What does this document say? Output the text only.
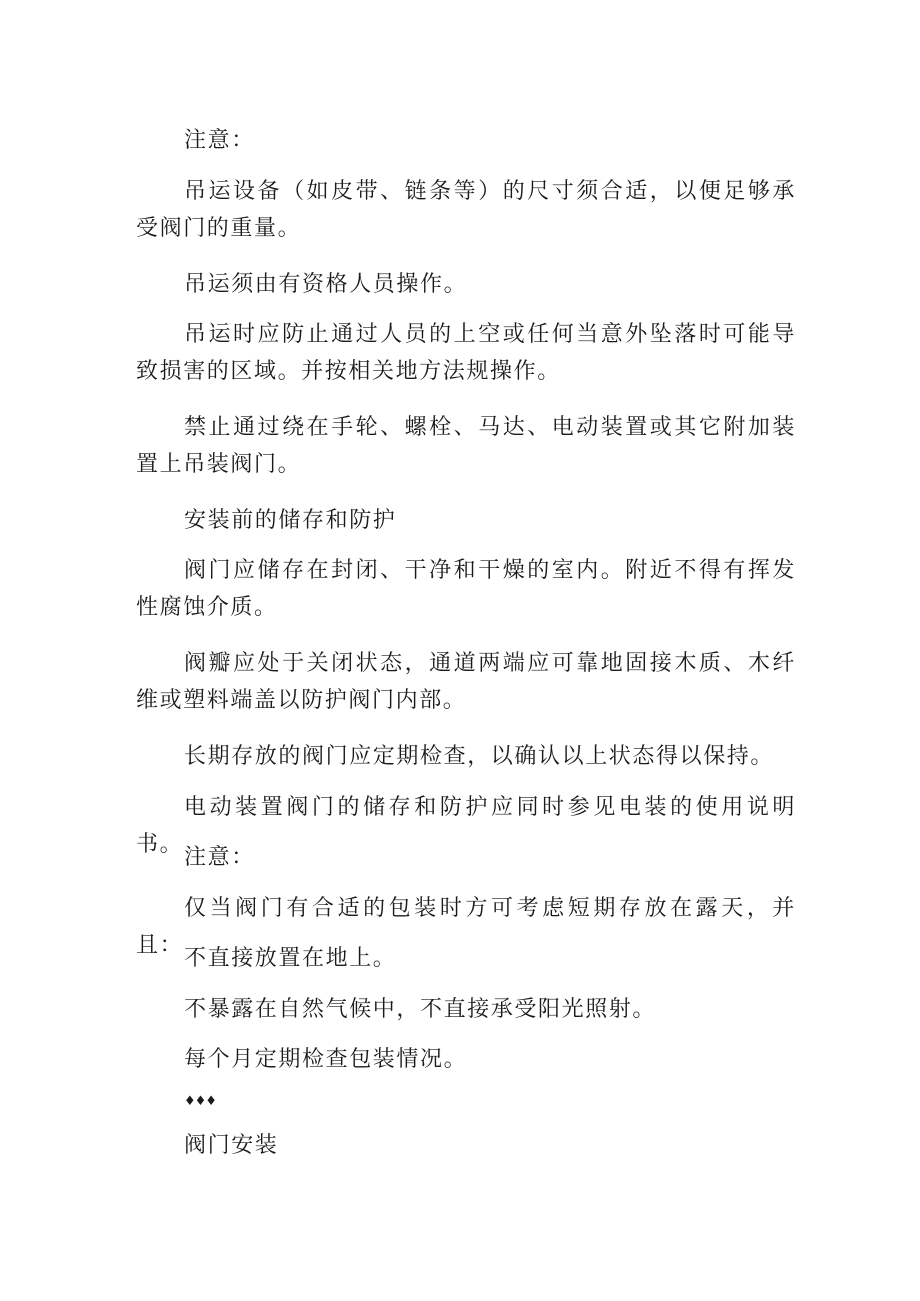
注意：

吊运设备（如皮带、链条等）的尺寸须合适，以便足够承受阀门的重量。

吊运须由有资格人员操作。

吊运时应防止通过人员的上空或任何当意外坠落时可能导致损害的区域。并按相关地方法规操作。

禁止通过绕在手轮、螺栓、马达、电动装置或其它附加装置上吊装阀门。

安装前的储存和防护

阀门应储存在封闭、干净和干燥的室内。附近不得有挥发性腐蚀介质。

阀瓣应处于关闭状态，通道两端应可靠地固接木质、木纤维或塑料端盖以防护阀门内部。

长期存放的阀门应定期检查，以确认以上状态得以保持。

电动装置阀门的储存和防护应同时参见电装的使用说明书。

注意：

仅当阀门有合适的包装时方可考虑短期存放在露天，并且：

不直接放置在地上。

不暴露在自然气候中，不直接承受阳光照射。

每个月定期检查包装情况。

♦♦♦

阀门安装
